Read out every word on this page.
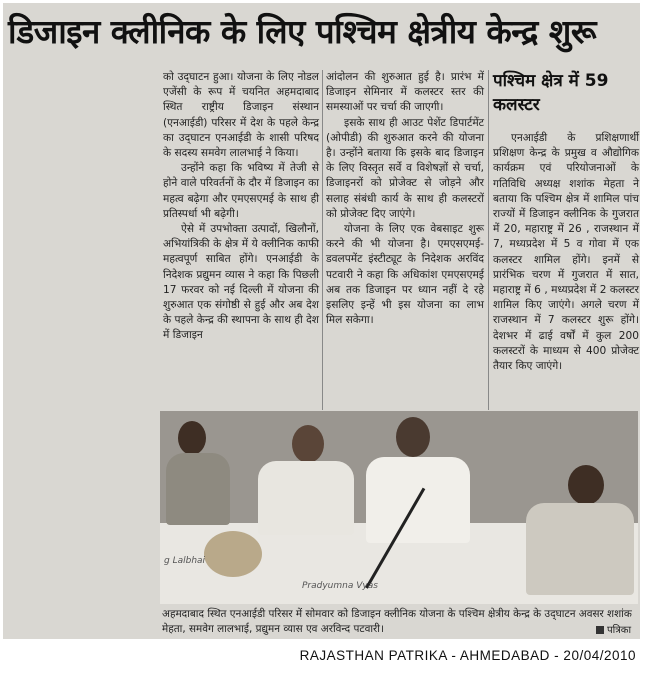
डिजाइन क्लीनिक के लिए पश्चिम क्षेत्रीय केन्द्र शुरू

को उद्‍घाटन हुआ। योजना के लिए नोडल एजेंसी के रूप में चयनित अहमदाबाद स्थित राष्ट्रीय डिजाइन संस्थान (एनआईडी) परिसर में देश के पहले केन्द्र का उद्‍घाटन एनआईडी के शासी परिषद के सदस्य समवेग लालभाई ने किया।

उन्होंने कहा कि भविष्य में तेजी से होने वाले परिवर्तनों के दौर में डिजाइन का महत्व बढ़ेगा और एमएसएमई के साथ ही प्रतिस्पर्धा भी बढ़ेगी।

ऐसे में उपभोक्ता उत्पादों, खिलौनों, अभियांत्रिकी के क्षेत्र में ये क्लीनिक काफी महत्वपूर्ण साबित होंगे। एनआईडी के निदेशक प्रद्युमन व्यास ने कहा कि पिछली 17 फरवर को नई दिल्ली में योजना की शुरुआत एक संगोष्ठी से हुई और अब देश के पहले केन्द्र की स्थापना के साथ ही देश में डिजाइन

आंदोलन की शुरुआत हुई है। प्रारंभ में डिजाइन सेमिनार में कलस्टर स्तर की समस्याओं पर चर्चा की जाएगी।

इसके साथ ही आउट पेशेंट डिपार्टमेंट (ओपीडी) की शुरुआत करने की योजना है। उन्होंने बताया कि इसके बाद डिजाइन के लिए विस्तृत सर्वे व विशेषज्ञों से चर्चा, डिजाइनरों को प्रोजेक्ट से जोड़ने और सलाह संबंधी कार्य के साथ ही कलस्टरों को प्रोजेक्ट दिए जाएंगे।

योजना के लिए एक वेबसाइट शुरू करने की भी योजना है। एमएसएमई-डवलपमेंट इंस्टीट्यूट के निदेशक अरविंद पटवारी ने कहा कि अधिकांश एमएसएमई अब तक डिजाइन पर ध्यान नहीं दे रहे इसलिए इन्हें भी इस योजना का लाभ मिल सकेगा।

पश्चिम क्षेत्र में 59 कलस्टर

एनआईडी के प्रशिक्षणार्थी प्रशिक्षण केन्द्र के प्रमुख व औद्योगिक कार्यक्रम एवं परियोजनाओं के गतिविधि अध्यक्ष शशांक मेहता ने बताया कि पश्चिम क्षेत्र में शामिल पांच राज्यों में डिजाइन क्लीनिक के गुजरात में 20, महाराष्ट्र में 26 , राजस्थान में 7, मध्यप्रदेश में 5 व गोवा में एक कलस्टर शामिल होंगे। इनमें से प्रारंभिक चरण में गुजरात में सात, महाराष्ट्र में 6 , मध्यप्रदेश में 2 कलस्टर शामिल किए जाएंगे। अगले चरण में राजस्थान में 7 कलस्टर शुरू होंगे। देशभर में ढाई वर्षों में कुल 200 कलस्टरों के माध्यम से 400 प्रोजेक्ट तैयार किए जाएंगे।

g Lalbhai
Pradyumna Vyas
अहमदाबाद स्थित एनआईडी परिसर में सोमवार को डिजाइन क्लीनिक योजना के पश्चिम क्षेत्रीय केन्द्र के उद्‍घाटन अवसर शशांक मेहता, समवेग लालभाई, प्रद्युमन व्यास एव अरविन्द पटवारी।	पत्रिका
RAJASTHAN PATRIKA - AHMEDABAD - 20/04/2010
